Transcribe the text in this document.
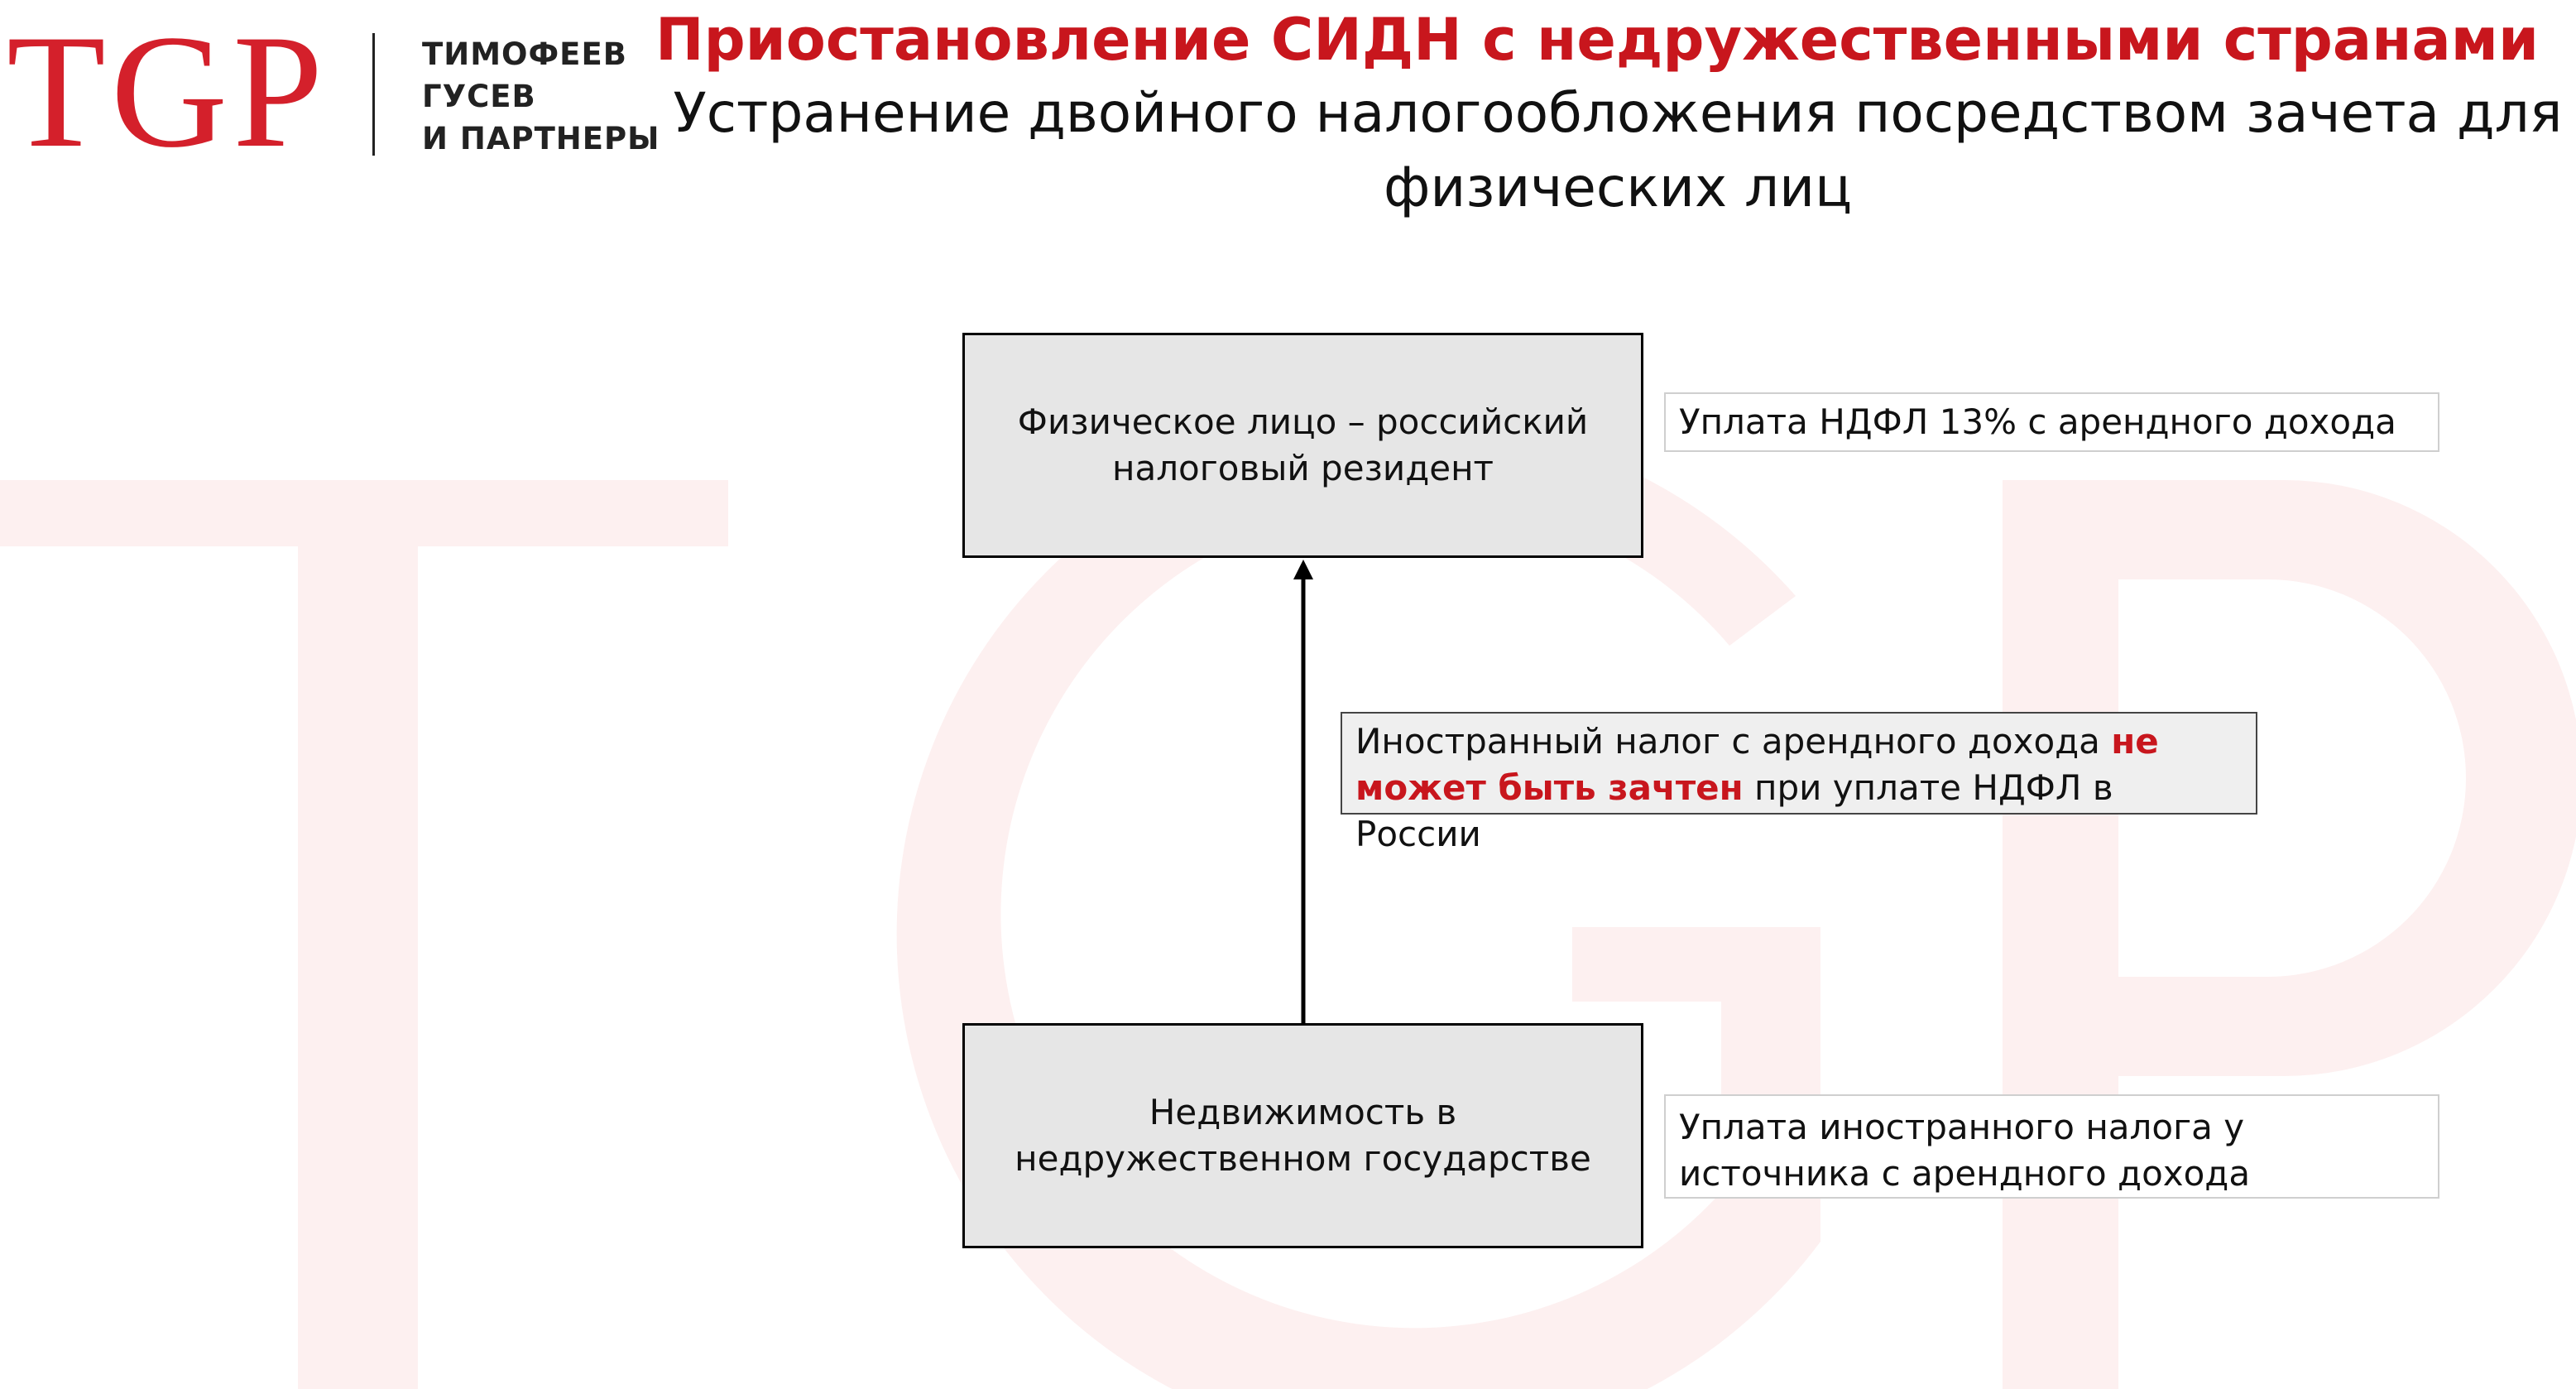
TGP	ТИМОФЕЕВ
ГУСЕВ
И ПАРТНЕРЫ
Приостановление СИДН с недружественными странами
Устранение двойного налогообложения посредством зачета для физических лиц
Физическое лицо – российский налоговый резидент
Недвижимость в недружественном государстве
Уплата НДФЛ 13% с арендного дохода
Уплата иностранного налога у источника с арендного дохода
Иностранный налог с арендного дохода не может быть зачтен при уплате НДФЛ в России
